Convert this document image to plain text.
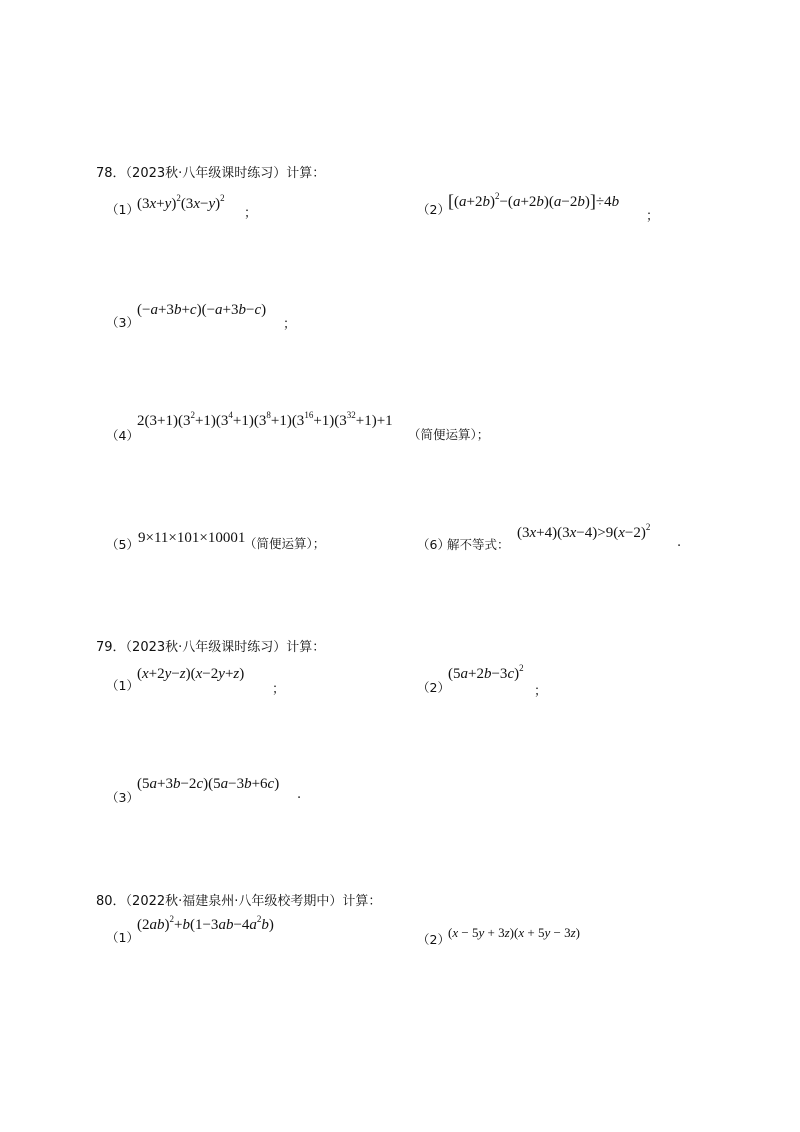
78．（2023秋·八年级课时练习）计算：
（1）
$(3x+y)^2(3x-y)^2$
；	（2）
$[(a+2b)^2-(a+2b)(a-2b)]\div 4b$
；
（3）
(−a+3b+c)(−a+3b−c)
；
（4）
$2(3+1)(3^2+1)(3^4+1)(3^8+1)(3^{16}+1)(3^{32}+1)+1$
（简便运算）；
（5） 9×11×101×10001
（简便运算）；	（6）
解不等式：
$(3x+4)(3x-4)>9(x-2)^2$
.
79．（2023秋·八年级课时练习）计算：
（1）
(x+2y−z)(x−2y+z)
；	（2）
$(5a+2b-3c)^2$
；
（3）
(5a+3b−2c)(5a−3b+6c)
.
80．（2022秋·福建泉州·八年级校考期中）计算：
（1）
$(2ab)^2+b(1-3ab-4a^2b)$
（2）
(x − 5y + 3z)(x + 5y − 3z)
